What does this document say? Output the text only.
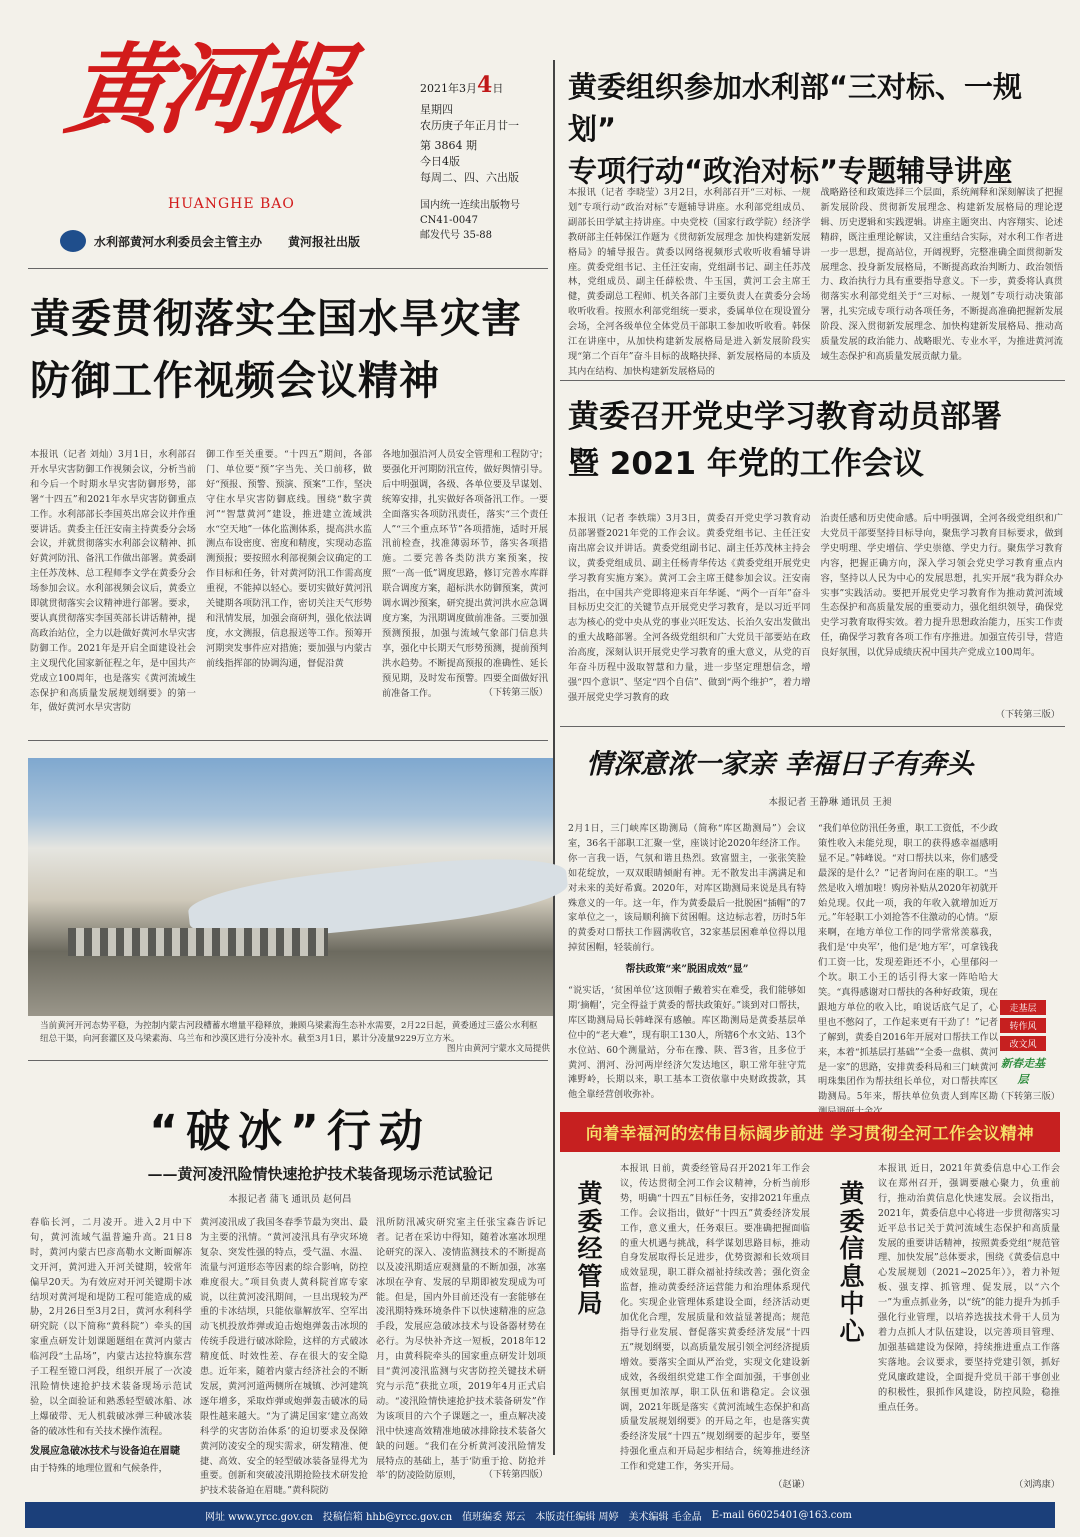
黄河报
HUANGHE BAO
2021年3月4日
星期四
农历庚子年正月廿一
第 3864 期
今日4版
每周二、四、六出版
国内统一连续出版物号
CN41-0047
邮发代号 35-88
水利部黄河水利委员会主管主办 黄河报社出版
黄委组织参加水利部“三对标、一规划”
专项行动“政治对标”专题辅导讲座
本报讯（记者 李晓莹）3月2日，水利部召开“三对标、一规划”专项行动“政治对标”专题辅导讲座。水利部党组成员、副部长田学斌主持讲座。中央党校（国家行政学院）经济学教研部主任韩保江作题为《贯彻新发展理念 加快构建新发展格局》的辅导报告。黄委以网络视频形式收听收看辅导讲座。黄委党组书记、主任汪安南，党组副书记、副主任苏茂林，党组成员、副主任薛松贵、牛玉国，黄河工会主席王健，黄委副总工程师、机关各部门主要负责人在黄委分会场收听收看。按照水利部党组统一要求，委属单位在现设置分会场，全河各级单位全体党员干部职工参加收听收看。韩保江在讲座中，从加快构建新发展格局是进入新发展阶段实现“第二个百年”奋斗目标的战略抉择、新发展格局的本质及其内在结构、加快构建新发展格局的
战略路径和政策选择三个层面，系统阐释和深刻解读了把握新发展阶段、贯彻新发展理念、构建新发展格局的理论逻辑、历史逻辑和实践逻辑。讲座主题突出、内容翔实、论述精辟，既注重理论解读，又注重结合实际，对水利工作者进一步一思想，提高站位，开阔视野，完整准确全面贯彻新发展理念、投身新发展格局，不断提高政治判断力、政治领悟力、政治执行力具有重要指导意义。下一步，黄委将认真贯彻落实水利部党组关于“三对标、一规划”专项行动决策部署，扎实完成专项行动各项任务，不断提高准确把握新发展阶段、深入贯彻新发展理念、加快构建新发展格局、推动高质量发展的政治能力、战略眼光、专业水平，为推进黄河流域生态保护和高质量发展贡献力量。
黄委贯彻落实全国水旱灾害
防御工作视频会议精神
本报讯（记者 刘灿）3月1日，水利部召开水旱灾害防御工作视频会议，分析当前和今后一个时期水旱灾害防御形势，部署“十四五”和2021年水旱灾害防御重点工作。水利部部长李国英出席会议并作重要讲话。黄委主任汪安南主持黄委分会场会议，并就贯彻落实水利部会议精神、抓好黄河防汛、备汛工作做出部署。黄委副主任苏茂林、总工程师李文学在黄委分会场参加会议。水利部视频会议后，黄委立即就贯彻落实会议精神进行部署。要求，要认真贯彻落实李国英部长讲话精神，提高政治站位，全力以赴做好黄河水旱灾害防御工作。2021年是开启全面建设社会主义现代化国家新征程之年，是中国共产党成立100周年，也是落实《黄河流域生态保护和高质量发展规划纲要》的第一年，做好黄河水旱灾害防
御工作至关重要。“十四五”期间，各部门、单位要“预”字当先、关口前移，做好“预报、预警、预演、预案”工作，坚决守住水旱灾害防御底线。围绕“数字黄河”“智慧黄河”建设，推进建立流域洪水“空天地”一体化监测体系，提高洪水监测点布设密度、密度和精度，实现动态监测预报；要按照水利部视频会议确定的工作目标和任务，针对黄河防汛工作需高度重视，不能掉以轻心。要切实做好黄河汛关键期各项防汛工作，密切关注天气形势和汛情发展，加强会商研判，强化依法调度，水文测报，信息报送等工作。预筹开河期突发事件应对措施；要加强与内蒙古前线指挥部的协调沟通，督促沿黄
各地加强沿河人员安全管理和工程防守；要强化开河期防汛宣传，做好舆情引导。后中明强调，各级、各单位要及早谋划、统筹安排，扎实做好各项备汛工作。一要全面落实各项防汛责任，落实“三个责任人”“三个重点环节”各项措施，适时开展汛前检查，找准薄弱环节，落实各项措施。二要完善各类防洪方案预案，按照“一高一低”调度思路，修订完善水库群联合调度方案，超标洪水防御预案，黄河调水调沙预案，研究提出黄河洪水应急调度方案，为汛期调度做前准备。三要加强预测预报，加强与流域气象部门信息共享，强化中长期天气形势预测，提前预判洪水趋势。不断提高预报的准确性、延长预见期，及时发布预警。四要全面做好汛前准备工作。	（下转第三版）
黄委召开党史学习教育动员部署
暨 2021 年党的工作会议
本报讯（记者 李轶瑞）3月3日，黄委召开党史学习教育动员部署暨2021年党的工作会议。黄委党组书记、主任汪安南出席会议并讲话。黄委党组副书记、副主任苏茂林主持会议，黄委党组成员、副主任杨青华传达《黄委党组开展党史学习教育实施方案》。黄河工会主席王健参加会议。汪安南指出，在中国共产党即将迎来百年华诞、“两个一百年”奋斗目标历史交汇的关键节点开展党史学习教育，是以习近平同志为核心的党中央从党的事业兴旺发达、长治久安出发做出的重大战略部署。全河各级党组织和广大党员干部要站在政治高度，深刻认识开展党史学习教育的重大意义，从党的百年奋斗历程中汲取智慧和力量，进一步坚定理想信念，增强“四个意识”、坚定“四个自信”、做到“两个维护”，着力增强开展党史学习教育的政
治责任感和历史使命感。后中明强调，全河各级党组织和广大党员干部要坚持目标导向，聚焦学习教育目标要求，做到学史明理、学史增信、学史崇德、学史力行。聚焦学习教育内容，把握正确方向，深入学习领会党史学习教育重点内容，坚持以人民为中心的发展思想，扎实开展“我为群众办实事”实践活动。要把开展党史学习教育作为推动黄河流域生态保护和高质量发展的重要动力，强化组织领导，确保党史学习教育取得实效。着力提升思想政治能力，压实工作责任，确保学习教育各项工作有序推进。加强宣传引导，营造良好氛围，以优异成绩庆祝中国共产党成立100周年。
（下转第三版）
当前黄河开河态势平稳，为控制内蒙古河段槽蓄水增量平稳释放，兼顾乌梁素海生态补水需要，2月22日起，黄委通过三盛公水利枢纽总干渠，向河套灌区及乌梁素海、乌兰布和沙漠区进行分凌补水。截至3月1日，累计分凌量9229万立方米。
图片由黄河宁蒙水文局提供
情深意浓一家亲 幸福日子有奔头
本报记者 王静琳 通讯员 王昶
2月1日，三门峡库区勘测局（简称“库区勘测局”）会议室，36名干部职工汇聚一堂，座谈讨论2020年经济工作。你一言我一语，气氛和谐且热烈。致富盟主，一张张笑脸如花绽放，一双双眼睛倾耐有神。无不散发出丰满满足和对未来的美好希冀。2020年，对库区勘测局来说是具有特殊意义的一年。这一年，作为黄委最后一批脱困“插帽”的7家单位之一，该局顺利摘下贫困帽。这边标志着，历时5年的黄委对口帮扶工作圆满收官，32家基层困难单位得以甩掉贫困帽，轻装前行。
帮扶政策“来”脱困成效“显”
“说实话，‘贫困单位’这顶帽子戴着实在难受，我们能够如期‘摘帽’，完全得益于黄委的帮扶政策好。”谈到对口帮扶，库区勘测局局长韩峰深有感触。库区勘测局是黄委基层单位中的“老大难”，现有职工130人，所辖6个水文站、13个水位站、60个测量站，分布在豫、陕、晋3省，且多位于黄河、渭河、汾河两岸经济欠发达地区，职工常年驻守荒滩野岭，长期以来，职工基本工资依靠中央财政拨款，其他全靠经营创收弥补。
“我们单位防汛任务重，职工工资低，不少政策性收入未能兑现，职工的获得感幸福感明显不足。”韩峰说。“对口帮扶以来，你们感受最深的是什么？”记者询问在座的职工。“当然是收入增加啦！购房补贴从2020年初就开始兑现。仅此一项，我的年收入就增加近万元。”年轻职工小刘抢答不住激动的心情。“原来啊，在地方单位工作的同学常常羡慕我，我们是‘中央军’，他们是‘地方军’，可拿钱我们工资一比，发现差距还不小，心里郁闷一个坎。职工小王的话引得大家一阵哈哈大笑。“真得感谢对口帮扶的各种好政策，现在跟地方单位的收入比，咱说话底气足了，心里也不憋闷了，工作起来更有干劲了！”记者了解到，黄委自2016年开展对口帮扶工作以来，本着“抓基层打基础”“全委一盘棋、黄河是一家”的思路，安排黄委科局和三门峡黄河明珠集团作为帮扶组长单位，对口帮扶库区勘测局。5年来，帮扶单位负责人到库区勘
（下转第三版）
走基层
转作风
改文风
新春走基层
“破冰”行动
——黄河凌汛险情快速抢护技术装备现场示范试验记
本报记者 蒲飞 通讯员 赵何昌
春临长河，二月凌开。进入2月中下旬，黄河流域气温普遍升高。21日8时，黄河内蒙古巴彦高勒水文断面解冻文开河，黄河进入开河关键期，较常年偏早20天。为有效应对开河关键期卡冰结坝对黄河堤和堤防工程可能造成的威胁，2月26日至3月2日，黄河水利科学研究院（以下简称“黄科院”）牵头的国家重点研发计划课题题组在黄河内蒙古临河段“土品场”，内蒙古达拉特旗东营子工程至镫口河段，组织开展了一次凌汛险情快速抢护技术装备现场示范试验，以全面验证和熟悉轻型破冰船、冰上爆破带、无人机载破冰弹三种破冰装备的破冰性和有关技术操作流程。
发展应急破冰技术与设备迫在眉睫
由于特殊的地理位置和气候条件，
黄河凌汛成了我国冬春季节最为突出、最为主要的汛情。“黄河凌汛具有孕灾环境复杂、突发性强的特点，受气温、水温、流量与河道形态等因素的综合影响，防控难度很大。”项目负责人黄科院首席专家说，以往黄河凌汛期间，一旦出现较为严重的卡冰结坝，只能依靠解放军、空军出动飞机投放炸弹或迫击炮炮弹轰击冰坝的传统手段进行破冰除险，这样的方式破冰精度低、时效性差、存在很大的安全隐患。近年来，随着内蒙古经济社会的不断发展，黄河河道两侧所在城镇、沙河建筑逐年增多，采取炸弹或炮弹轰击破冰的局限性越来越大。“为了满足国家‘建立高效科学的灾害防治体系’的迫切要求及保障黄河防凌安全的现实需求，研发精准、便捷、高效、安全的轻型破冰装备显得尤为重要。创新和突破凌汛期抢险技术研发抢护技术装备迫在眉睫。”黄科院防
汛所防汛减灾研究室主任张宝森告诉记者。记者在采访中得知，随着冰塞冰坝理论研究的深入、凌情监测技术的不断提高以及凌汛期适应观测量的不断加强，冰塞冰坝在孕育、发展的早期即被发现成为可能。但是，国内外目前还没有一套能够在凌汛期特殊环境条件下以快速精准的应急手段，发展应急破冰技术与设备器材势在必行。为尽快补齐这一短板，2018年12月，由黄科院牵头的国家重点研发计划项目“黄河凌汛监测与灾害防控关键技术研究与示范”获批立项，2019年4月正式启动。“凌汛险情快速抢护技术装备研发”作为该项目的六个子课题之一，重点解决凌汛中快速高效精准地破冰排除技术装备欠缺的问题。“我们在分析黄河凌汛险情发展特点的基础上，基于‘防重于抢、防抢并举’的防凌险防原则，	（下转第四版）
向着幸福河的宏伟目标阔步前进 学习贯彻全河工作会议精神
黄
委
经
管
局
本报讯 日前，黄委经管局召开2021年工作会议，传达贯彻全河工作会议精神，分析当前形势，明确“十四五”目标任务，安排2021年重点工作。会议指出，做好“十四五”黄委经济发展工作，意义重大，任务艰巨。要准确把握面临的重大机遇与挑战，科学谋划思路目标，推动自身发展取得长足进步，优势资源和长效项目成效显现，职工群众福祉持续改善；强化资金监督，推动黄委经济运营能力和治理体系现代化。实现企业管理体系建设全面，经济活动更加优化合理，发展质量和效益显著提高；规范指导行业发展、督促落实黄委经济发展“十四五”规划纲要，以高质量发展引领全河经济提质增效。要落实全面从严治党，实现文化建设新成效，各级组织党建工作全面加强，干事创业氛围更加浓厚，职工队伍和谐稳定。会议强调，2021年既是落实《黄河流域生态保护和高质量发展规划纲要》的开局之年，也是落实黄委经济发展“十四五”规划纲要的起步年，要坚持强化重点和开局起步相结合，统筹推进经济工作和党建工作，务实开局。
（赵谦）
黄
委
信
息
中
心
本报讯 近日，2021年黄委信息中心工作会议在郑州召开，强调要融心聚力，负重前行，推动治黄信息化快速发展。会议指出，2021年，黄委信息中心将进一步贯彻落实习近平总书记关于黄河流域生态保护和高质量发展的重要讲话精神，按照黄委党组“规范管理、加快发展”总体要求，围绕《黄委信息中心发展规划（2021~2025年）》，着力补短板、强支撑、抓管理、促发展，以“六个一”为重点抓业务，以“统”的能力提升为抓手强化行业管理，以培养选拔技术骨干人员为着力点抓人才队伍建设，以完善项目管理、加强基础建设为保障，持续推进重点工作落实落地。会议要求，要坚持党建引领，抓好党风廉政建设，全面提升党员干部干事创业的积极性，狠抓作风建设，防控风险，稳推重点任务。
（刘鸿康）
网址 www.yrcc.gov.cn 投稿信箱 hhb@yrcc.gov.cn 值班编委 郑云 本版责任编辑 周婷 美术编辑 毛金晶 E-mail 66025401@163.com
